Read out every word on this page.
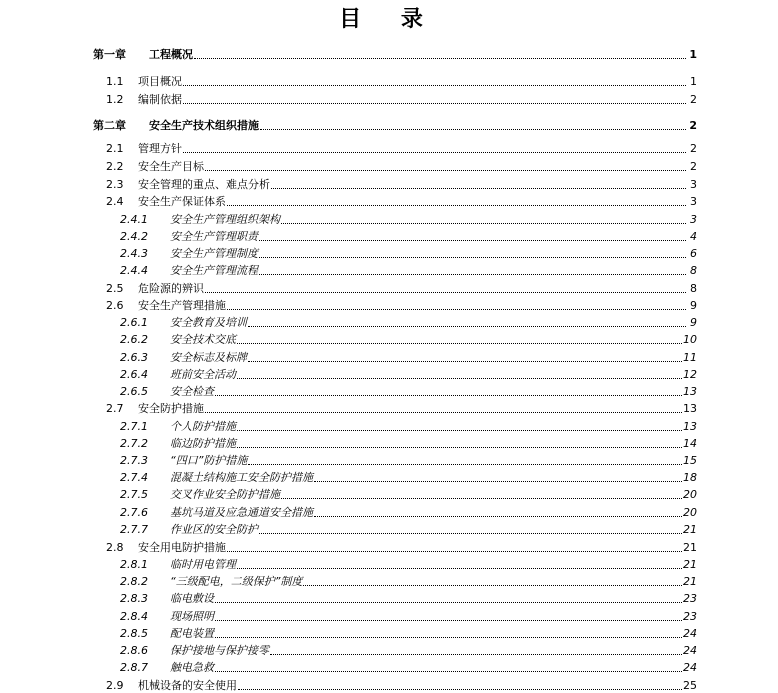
目 录
第一章	工程概况	1
1.1	项目概况	1
1.2	编制依据	2
第二章	安全生产技术组织措施	2
2.1	管理方针	2
2.2	安全生产目标	2
2.3	安全管理的重点、难点分析	3
2.4	安全生产保证体系	3
2.4.1	安全生产管理组织架构	3
2.4.2	安全生产管理职责	4
2.4.3	安全生产管理制度	6
2.4.4	安全生产管理流程	8
2.5	危险源的辨识	8
2.6	安全生产管理措施	9
2.6.1	安全教育及培训	9
2.6.2	安全技术交底	10
2.6.3	安全标志及标牌	11
2.6.4	班前安全活动	12
2.6.5	安全检查	13
2.7	安全防护措施	13
2.7.1	个人防护措施	13
2.7.2	临边防护措施	14
2.7.3	“四口”防护措施	15
2.7.4	混凝土结构施工安全防护措施	18
2.7.5	交叉作业安全防护措施	20
2.7.6	基坑马道及应急通道安全措施	20
2.7.7	作业区的安全防护	21
2.8	安全用电防护措施	21
2.8.1	临时用电管理	21
2.8.2	“三级配电，二级保护”制度	21
2.8.3	临电敷设	23
2.8.4	现场照明	23
2.8.5	配电装置	24
2.8.6	保护接地与保护接零	24
2.8.7	触电急救	24
2.9	机械设备的安全使用	25
